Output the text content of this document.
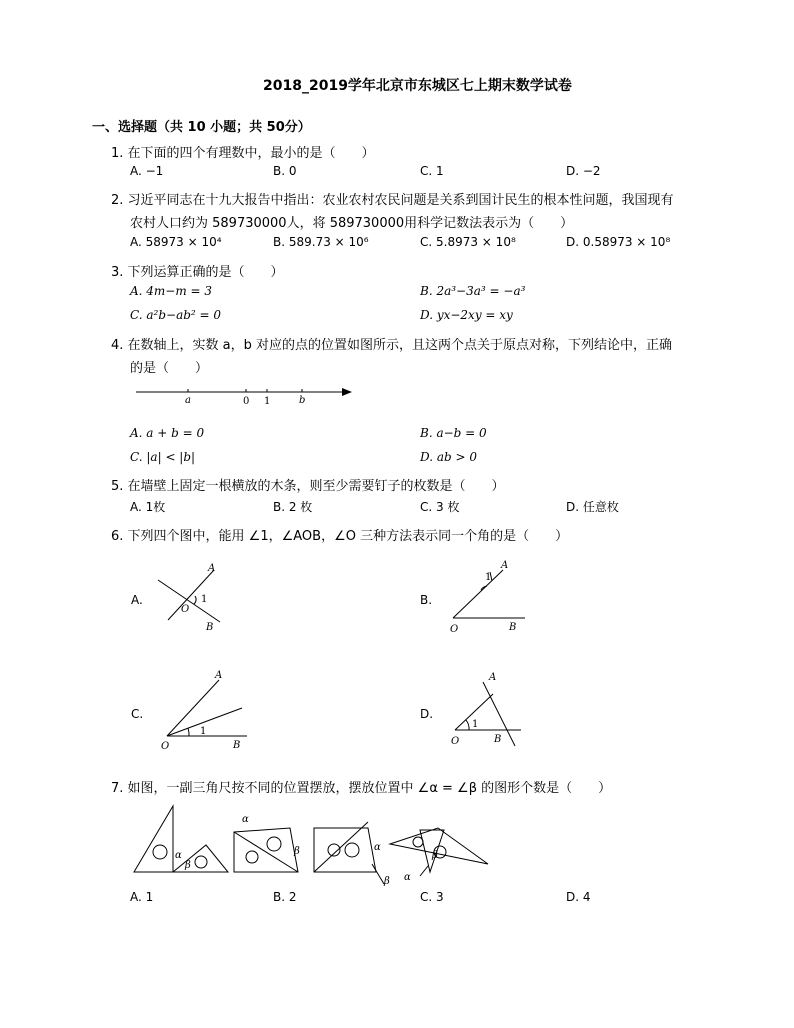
2018_2019学年北京市东城区七上期末数学试卷
一、选择题（共 10 小题；共 50分）
1. 在下面的四个有理数中，最小的是（　　）
A. −1	B. 0	C. 1	D. −2
2. 习近平同志在十九大报告中指出：农业农村农民问题是关系到国计民生的根本性问题，我国现有
农村人口约为 589730000人，将 589730000用科学记数法表示为（　　）
A. 58973 × 10⁴	B. 589.73 × 10⁶	C. 5.8973 × 10⁸	D. 0.58973 × 10⁸
3. 下列运算正确的是（　　）
A. 4m−m = 3	B. 2a³−3a³ = −a³
C. a²b−ab² = 0	D. yx−2xy = xy
4. 在数轴上，实数 a，b 对应的点的位置如图所示，且这两个点关于原点对称，下列结论中，正确
的是（　　）
a	0 1	b
A. a + b = 0	B. a−b = 0
C. |a| < |b|	D. ab > 0
5. 在墙壁上固定一根横放的木条，则至少需要钉子的枚数是（　　）
A. 1枚	B. 2 枚	C. 3 枚	D. 任意枚
6. 下列四个图中，能用 ∠1，∠AOB，∠O 三种方法表示同一个角的是（　　）
A.
A
1
O
B
B.
A
1
O	B
C.
A
1
O	B
D.
A
1
O	B
7. 如图，一副三角尺按不同的位置摆放，摆放位置中 ∠α = ∠β 的图形个数是（　　）
α
β
α
β	α
β α
β
A. 1	B. 2	C. 3	D. 4
